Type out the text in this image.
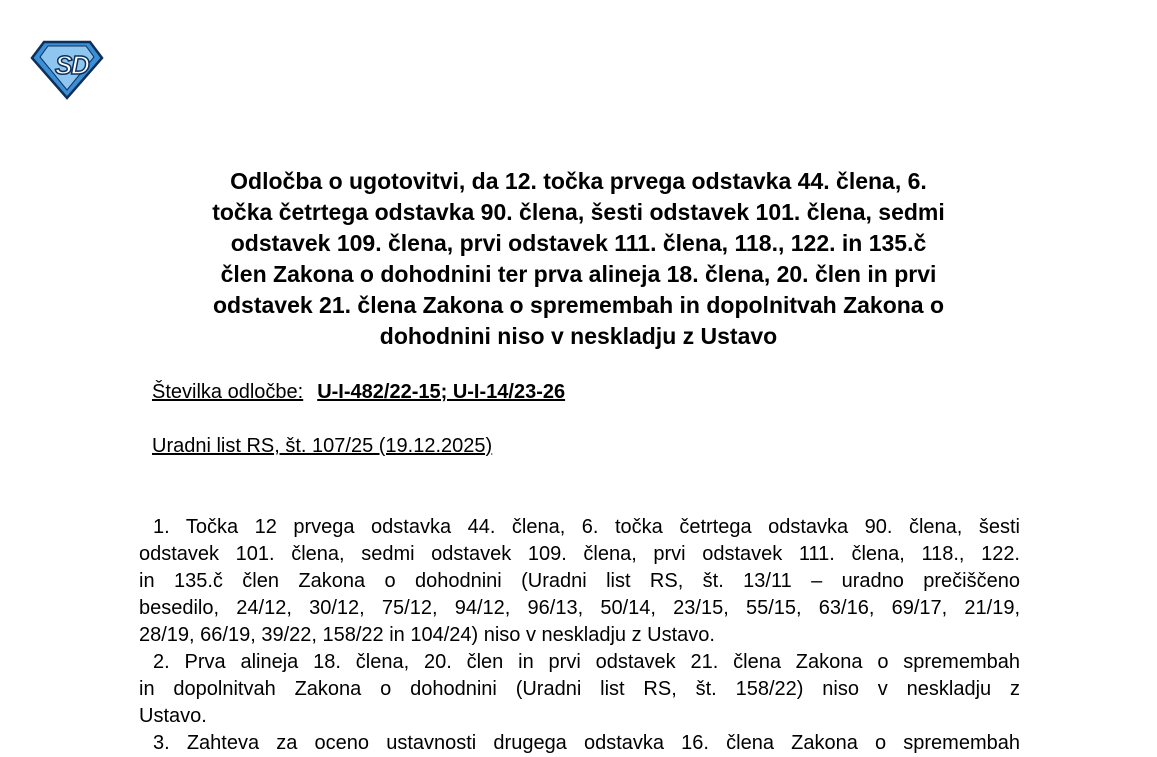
S
D
Odločba o ugotovitvi, da 12. točka prvega odstavka 44. člena, 6.
točka četrtega odstavka 90. člena, šesti odstavek 101. člena, sedmi
odstavek 109. člena, prvi odstavek 111. člena, 118., 122. in 135.č
člen Zakona o dohodnini ter prva alineja 18. člena, 20. člen in prvi
odstavek 21. člena Zakona o spremembah in dopolnitvah Zakona o
dohodnini niso v neskladju z Ustavo
Številka odločbe: U-I-482/22-15; U-I-14/23-26
Uradni list RS, št. 107/25 (19.12.2025)

1. Točka 12 prvega odstavka 44. člena, 6. točka četrtega odstavka 90. člena, šesti
odstavek 101. člena, sedmi odstavek 109. člena, prvi odstavek 111. člena, 118., 122.
in 135.č člen Zakona o dohodnini (Uradni list RS, št. 13/11 – uradno prečiščeno
besedilo, 24/12, 30/12, 75/12, 94/12, 96/13, 50/14, 23/15, 55/15, 63/16, 69/17, 21/19,
28/19, 66/19, 39/22, 158/22 in 104/24) niso v neskladju z Ustavo.

2. Prva alineja 18. člena, 20. člen in prvi odstavek 21. člena Zakona o spremembah
in dopolnitvah Zakona o dohodnini (Uradni list RS, št. 158/22) niso v neskladju z
Ustavo.

3. Zahteva za oceno ustavnosti drugega odstavka 16. člena Zakona o spremembah
